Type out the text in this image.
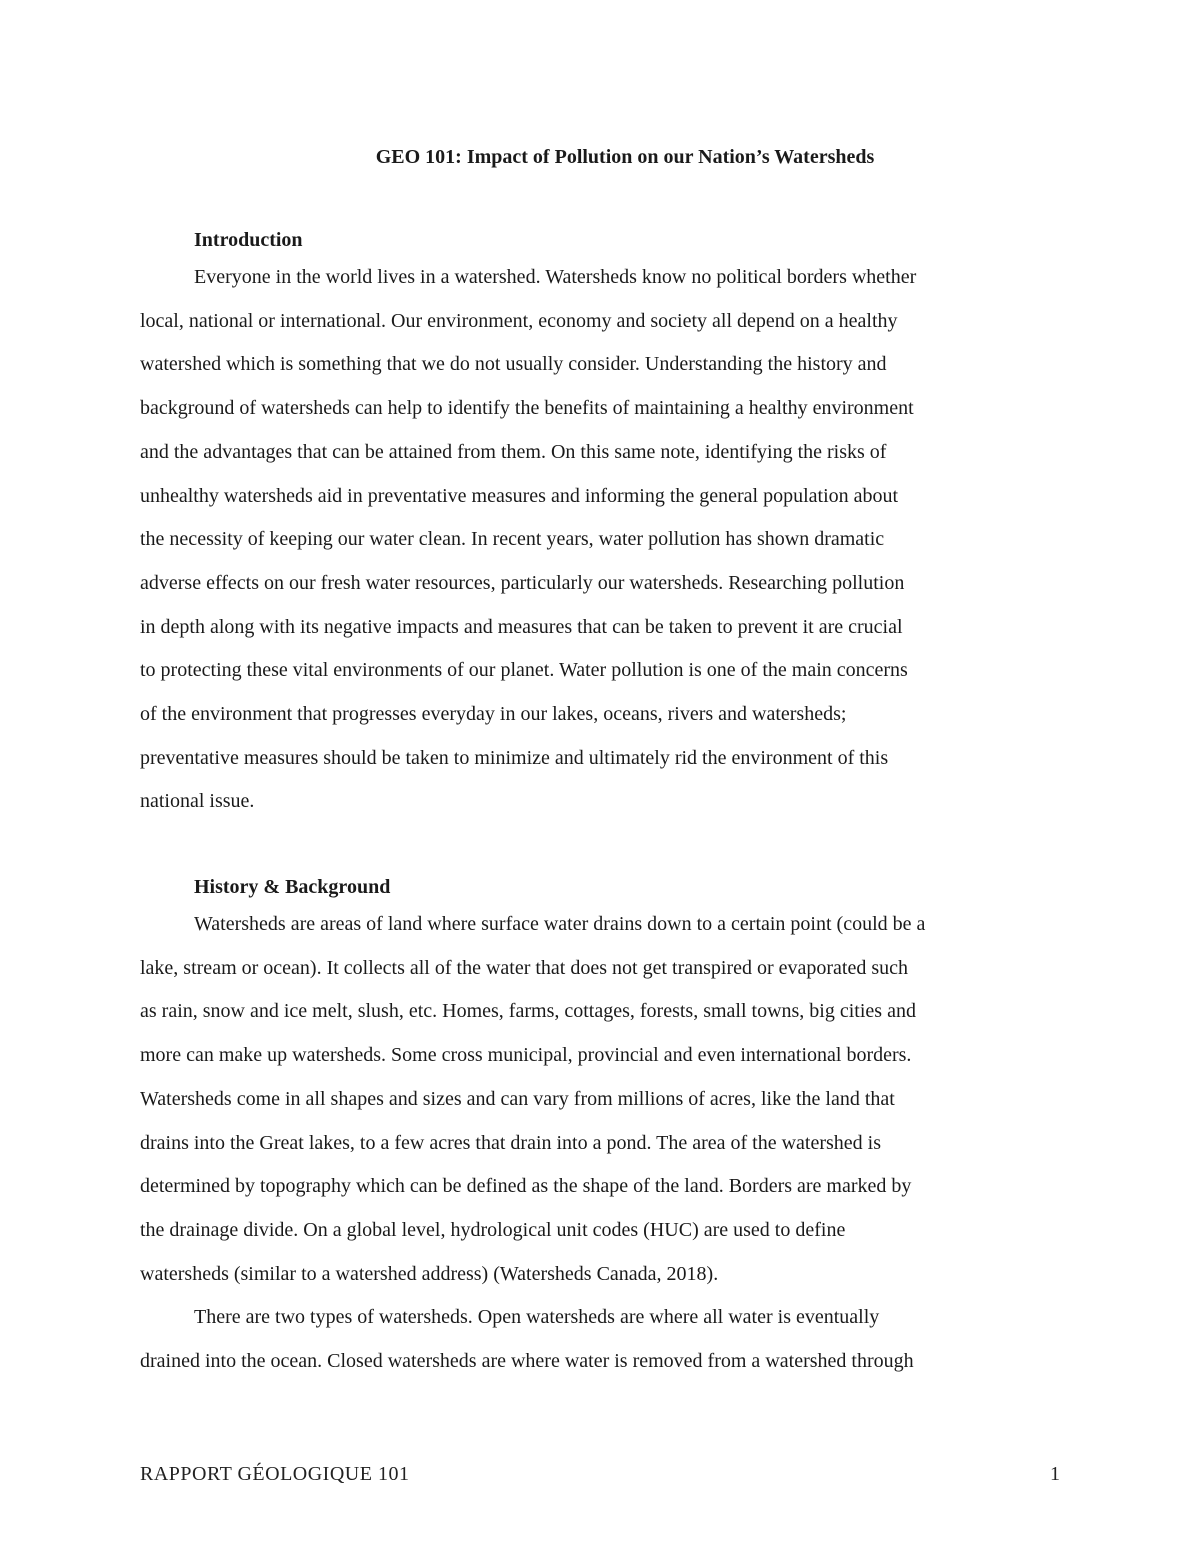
GEO 101: Impact of Pollution on our Nation’s Watersheds
Introduction
Everyone in the world lives in a watershed. Watersheds know no political borders whether
local, national or international. Our environment, economy and society all depend on a healthy
watershed which is something that we do not usually consider. Understanding the history and
background of watersheds can help to identify the benefits of maintaining a healthy environment
and the advantages that can be attained from them. On this same note, identifying the risks of
unhealthy watersheds aid in preventative measures and informing the general population about
the necessity of keeping our water clean. In recent years, water pollution has shown dramatic
adverse effects on our fresh water resources, particularly our watersheds. Researching pollution
in depth along with its negative impacts and measures that can be taken to prevent it are crucial
to protecting these vital environments of our planet. Water pollution is one of the main concerns
of the environment that progresses everyday in our lakes, oceans, rivers and watersheds;
preventative measures should be taken to minimize and ultimately rid the environment of this
national issue.
History & Background
Watersheds are areas of land where surface water drains down to a certain point (could be a
lake, stream or ocean). It collects all of the water that does not get transpired or evaporated such
as rain, snow and ice melt, slush, etc. Homes, farms, cottages, forests, small towns, big cities and
more can make up watersheds. Some cross municipal, provincial and even international borders.
Watersheds come in all shapes and sizes and can vary from millions of acres, like the land that
drains into the Great lakes, to a few acres that drain into a pond. The area of the watershed is
determined by topography which can be defined as the shape of the land. Borders are marked by
the drainage divide. On a global level, hydrological unit codes (HUC) are used to define
watersheds (similar to a watershed address) (Watersheds Canada, 2018).
There are two types of watersheds. Open watersheds are where all water is eventually
drained into the ocean. Closed watersheds are where water is removed from a watershed through

RAPPORT GÉOLOGIQUE 101	1
